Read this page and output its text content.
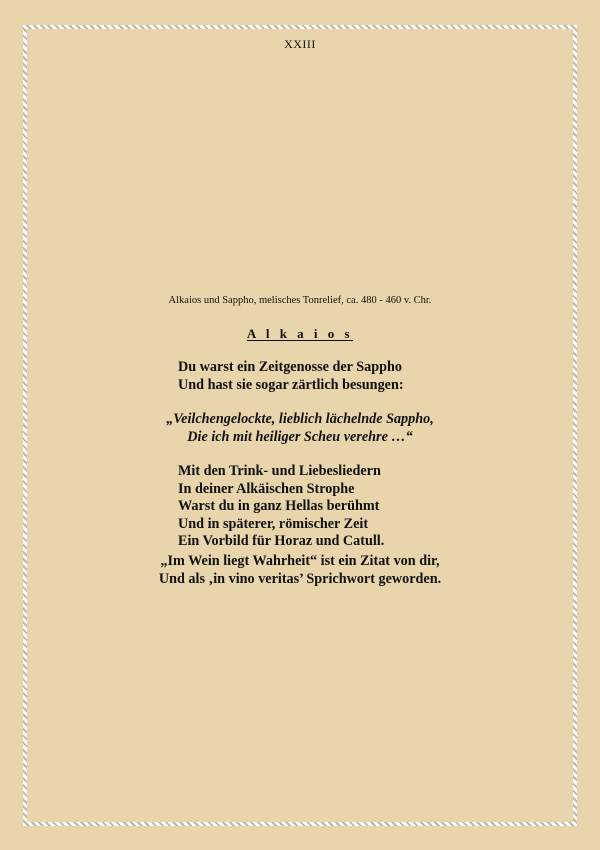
XXIII
Alkaios und Sappho, melisches Tonrelief, ca. 480 - 460 v. Chr.
A l k a i o s
Du warst ein Zeitgenosse der Sappho
Und hast sie sogar zärtlich besungen:
„Veilchengelockte, lieblich lächelnde Sappho,
Die ich mit heiliger Scheu verehre …“
Mit den Trink- und Liebesliedern
In deiner Alkäischen Strophe
Warst du in ganz Hellas berühmt
Und in späterer, römischer Zeit
Ein Vorbild für Horaz und Catull.
„Im Wein liegt Wahrheit“ ist ein Zitat von dir,
Und als ‚in vino veritas’ Sprichwort geworden.
